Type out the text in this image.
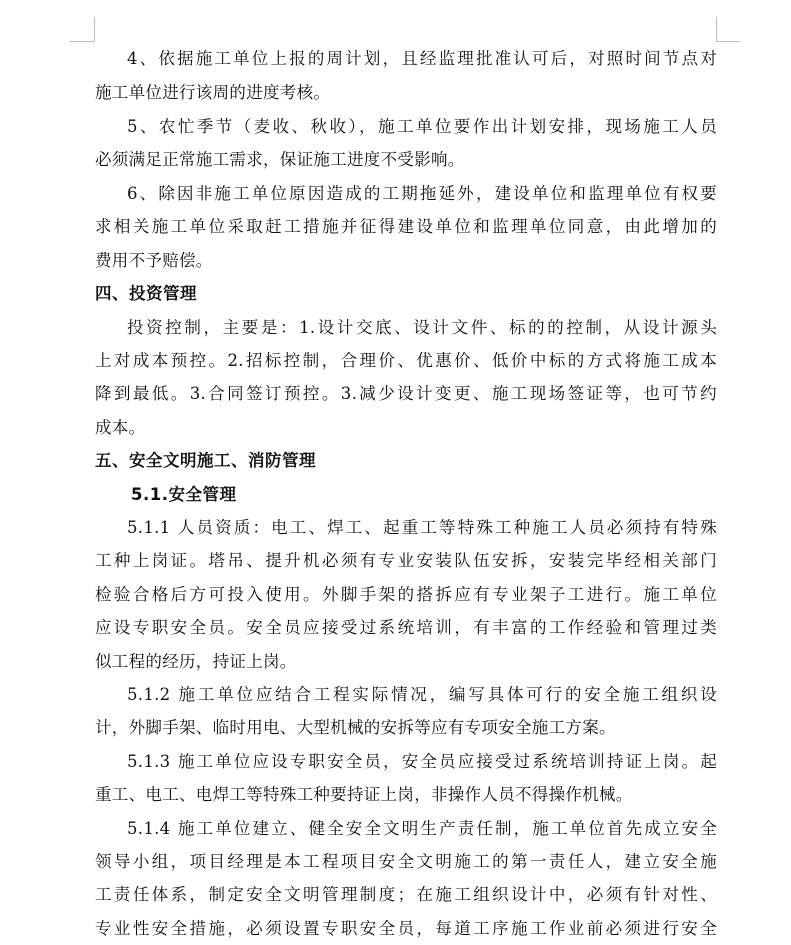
4、依据施工单位上报的周计划，且经监理批准认可后，对照时间节点对
施工单位进行该周的进度考核。
5、农忙季节（麦收、秋收），施工单位要作出计划安排，现场施工人员
必须满足正常施工需求，保证施工进度不受影响。
6、除因非施工单位原因造成的工期拖延外，建设单位和监理单位有权要
求相关施工单位采取赶工措施并征得建设单位和监理单位同意，由此增加的
费用不予赔偿。
四、投资管理
投资控制，主要是：1.设计交底、设计文件、标的的控制，从设计源头
上对成本预控。2.招标控制，合理价、优惠价、低价中标的方式将施工成本
降到最低。3.合同签订预控。3.减少设计变更、施工现场签证等，也可节约
成本。
五、安全文明施工、消防管理
5.1.安全管理
5.1.1 人员资质：电工、焊工、起重工等特殊工种施工人员必须持有特殊
工种上岗证。塔吊、提升机必须有专业安装队伍安拆，安装完毕经相关部门
检验合格后方可投入使用。外脚手架的搭拆应有专业架子工进行。施工单位
应设专职安全员。安全员应接受过系统培训，有丰富的工作经验和管理过类
似工程的经历，持证上岗。
5.1.2 施工单位应结合工程实际情况，编写具体可行的安全施工组织设
计，外脚手架、临时用电、大型机械的安拆等应有专项安全施工方案。
5.1.3 施工单位应设专职安全员，安全员应接受过系统培训持证上岗。起
重工、电工、电焊工等特殊工种要持证上岗，非操作人员不得操作机械。
5.1.4 施工单位建立、健全安全文明生产责任制，施工单位首先成立安全
领导小组，项目经理是本工程项目安全文明施工的第一责任人，建立安全施
工责任体系，制定安全文明管理制度；在施工组织设计中，必须有针对性、
专业性安全措施，必须设置专职安全员，每道工序施工作业前必须进行安全
